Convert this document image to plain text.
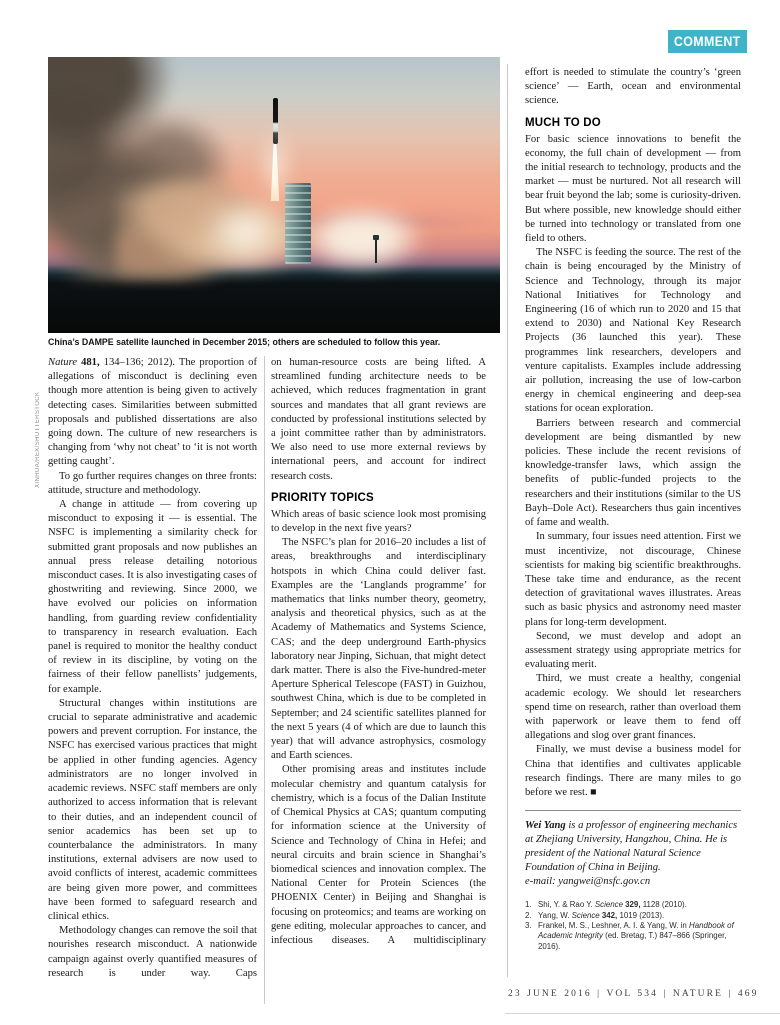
COMMENT
China’s DAMPE satellite launched in December 2015; others are scheduled to follow this year.
XINHUA/REX/SHUTTERSTOCK

Nature 481, 134–136; 2012). The proportion of allegations of misconduct is declining even though more attention is being given to actively detecting cases. Similarities between submitted proposals and published dissertations are also going down. The culture of new researchers is changing from ‘why not cheat’ to ‘it is not worth getting caught’.

To go further requires changes on three fronts: attitude, structure and methodology.

A change in attitude — from covering up misconduct to exposing it — is essential. The NSFC is implementing a similarity check for submitted grant proposals and now publishes an annual press release detailing notorious misconduct cases. It is also investigating cases of ghostwriting and reviewing. Since 2000, we have evolved our policies on information handling, from guarding review confidentiality to transparency in research evaluation. Each panel is required to monitor the healthy conduct of review in its discipline, by voting on the fairness of their fellow panellists’ judgements, for example.

Structural changes within institutions are crucial to separate administrative and academic powers and prevent corruption. For instance, the NSFC has exercised various practices that might be applied in other funding agencies. Agency administrators are no longer involved in academic reviews. NSFC staff members are only authorized to access information that is relevant to their duties, and an independent council of senior academics has been set up to counterbalance the administrators. In many institutions, external advisers are now used to avoid conflicts of interest, academic committees are being given more power, and committees have been formed to safeguard research and clinical ethics.

Methodology changes can remove the soil that nourishes research misconduct. A nationwide campaign against overly quantified measures of research is under way. Caps

on human-resource costs are being lifted. A streamlined funding architecture needs to be achieved, which reduces fragmentation in grant sources and mandates that all grant reviews are conducted by professional institutions selected by a joint committee rather than by administrators. We also need to use more external reviews by international peers, and account for indirect research costs.

PRIORITY TOPICS

Which areas of basic science look most promising to develop in the next five years?

The NSFC’s plan for 2016–20 includes a list of areas, breakthroughs and interdisciplinary hotspots in which China could deliver fast. Examples are the ‘Langlands programme’ for mathematics that links number theory, geometry, analysis and theoretical physics, such as at the Academy of Mathematics and Systems Science, CAS; and the deep underground Earth-physics laboratory near Jinping, Sichuan, that might detect dark matter. There is also the Five-hundred-meter Aperture Spherical Telescope (FAST) in Guizhou, southwest China, which is due to be completed in September; and 24 scientific satellites planned for the next 5 years (4 of which are due to launch this year) that will advance astrophysics, cosmology and Earth sciences.

Other promising areas and institutes include molecular chemistry and quantum catalysis for chemistry, which is a focus of the Dalian Institute of Chemical Physics at CAS; quantum computing for information science at the University of Science and Technology of China in Hefei; and neural circuits and brain science in Shanghai’s biomedical sciences and innovation complex. The National Center for Protein Sciences (the PHOENIX Center) in Beijing and Shanghai is focusing on proteomics; and teams are working on gene editing, molecular approaches to cancer, and infectious diseases. A multidisciplinary

effort is needed to stimulate the country’s ‘green science’ — Earth, ocean and environmental science.

MUCH TO DO

For basic science innovations to benefit the economy, the full chain of development — from the initial research to technology, products and the market — must be nurtured. Not all research will bear fruit beyond the lab; some is curiosity-driven. But where possible, new knowledge should either be turned into technology or translated from one field to others.

The NSFC is feeding the source. The rest of the chain is being encouraged by the Ministry of Science and Technology, through its major National Initiatives for Technology and Engineering (16 of which run to 2020 and 15 that extend to 2030) and National Key Research Projects (36 launched this year). These programmes link researchers, developers and venture capitalists. Examples include addressing air pollution, increasing the use of low-carbon energy in chemical engineering and deep-sea stations for ocean exploration.

Barriers between research and commercial development are being dismantled by new policies. These include the recent revisions of knowledge-transfer laws, which assign the benefits of public-funded projects to the researchers and their institutions (similar to the US Bayh–Dole Act). Researchers thus gain incentives of fame and wealth.

In summary, four issues need attention. First we must incentivize, not discourage, Chinese scientists for making big scientific breakthroughs. These take time and endurance, as the recent detection of gravitational waves illustrates. Areas such as basic physics and astronomy need master plans for long-term development.

Second, we must develop and adopt an assessment strategy using appropriate metrics for evaluating merit.

Third, we must create a healthy, congenial academic ecology. We should let researchers spend time on research, rather than overload them with paperwork or leave them to fend off allegations and slog over grant finances.

Finally, we must devise a business model for China that identifies and cultivates applicable research findings. There are many miles to go before we rest. ■

Wei Yang is a professor of engineering mechanics at Zhejiang University, Hangzhou, China. He is president of the National Natural Science Foundation of China in Beijing.

e-mail: yangwei@nsfc.gov.cn

1. Shi, Y. & Rao Y. Science 329, 1128 (2010).
2. Yang, W. Science 342, 1019 (2013).
3. Frankel, M. S., Leshner, A. I. & Yang, W. in Handbook of Academic Integrity (ed. Bretag, T.) 847–866 (Springer, 2016).
23 JUNE 2016 | VOL 534 | NATURE | 469
